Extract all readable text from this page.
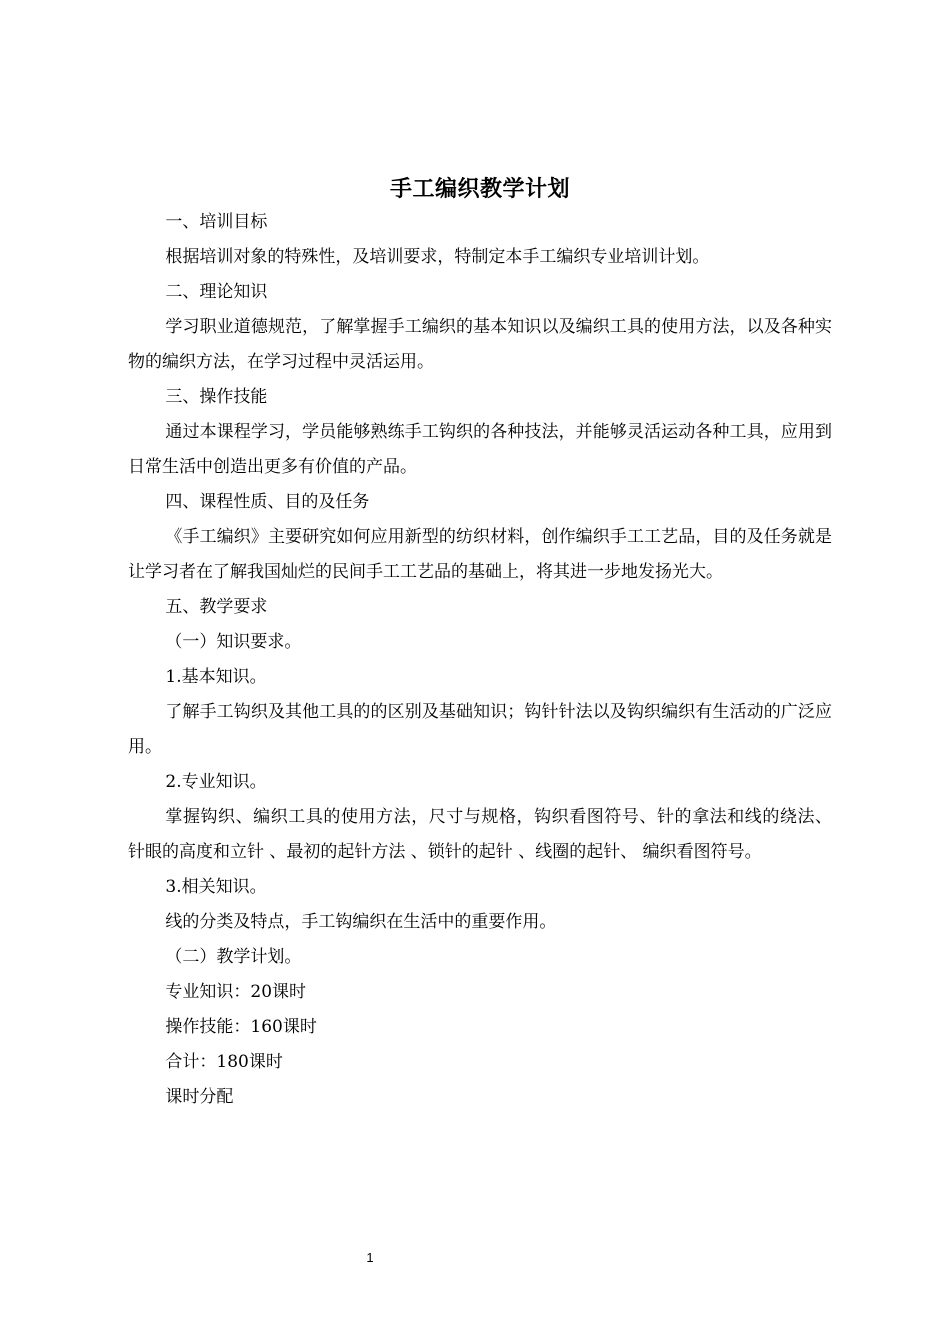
手工编织教学计划

一、培训目标

根据培训对象的特殊性，及培训要求，特制定本手工编织专业培训计划。

二、理论知识

学习职业道德规范，了解掌握手工编织的基本知识以及编织工具的使用方法，以及各种实物的编织方法，在学习过程中灵活运用。

三、操作技能

通过本课程学习，学员能够熟练手工钩织的各种技法，并能够灵活运动各种工具，应用到日常生活中创造出更多有价值的产品。

四、课程性质、目的及任务

《手工编织》主要研究如何应用新型的纺织材料，创作编织手工工艺品，目的及任务就是让学习者在了解我国灿烂的民间手工工艺品的基础上，将其进一步地发扬光大。

五、教学要求

（一）知识要求。

1.基本知识。

了解手工钩织及其他工具的的区别及基础知识；钩针针法以及钩织编织有生活动的广泛应用。

2.专业知识。

掌握钩织、编织工具的使用方法，尺寸与规格，钩织看图符号、针的拿法和线的绕法、 针眼的高度和立针 、最初的起针方法 、锁针的起针 、线圈的起针、 编织看图符号。

3.相关知识。

线的分类及特点，手工钩编织在生活中的重要作用。

（二）教学计划。

专业知识：20课时

操作技能：160课时

合计：180课时

课时分配

1
